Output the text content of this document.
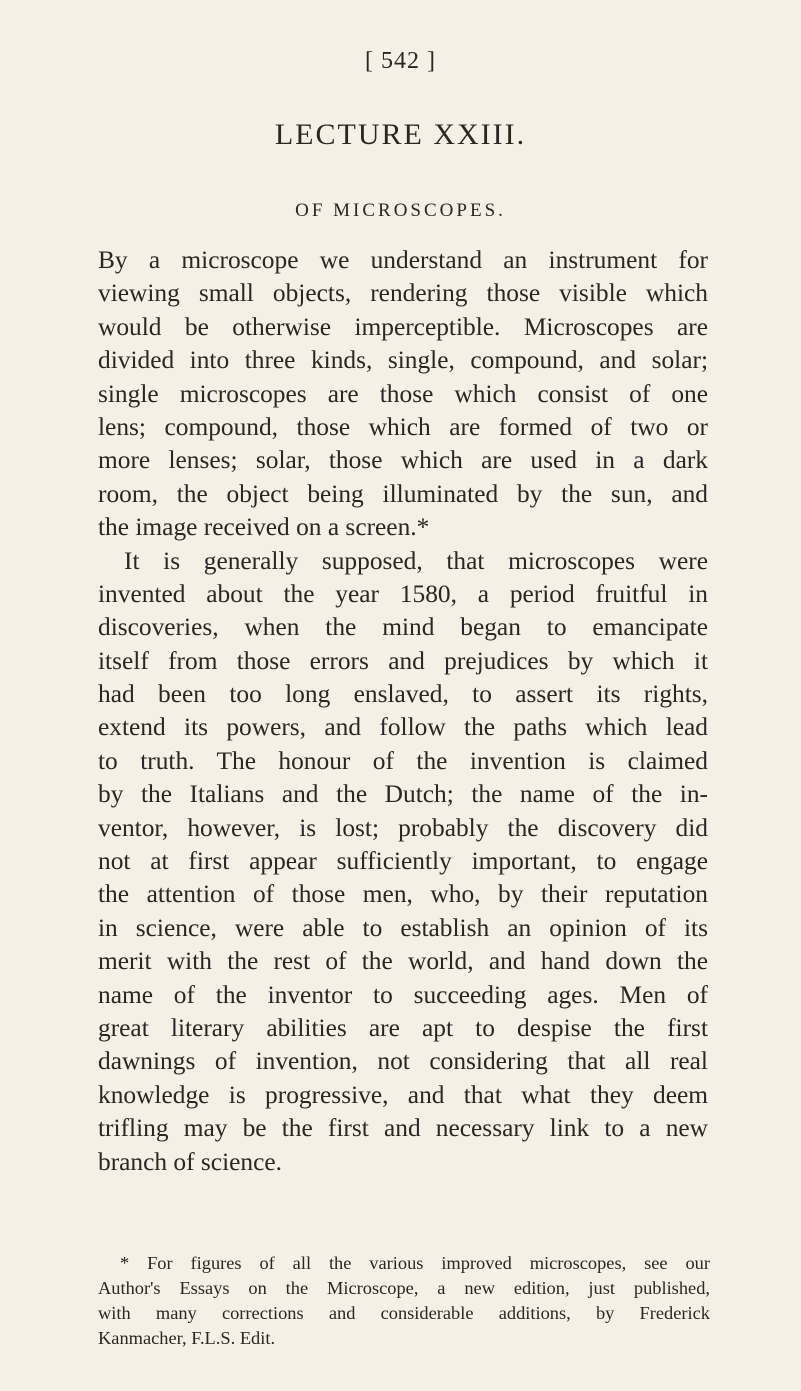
[ 542 ]
LECTURE XXIII.
OF MICROSCOPES.
By a microscope we understand an instrument for
viewing small objects, rendering those visible which
would be otherwise imperceptible. Microscopes are
divided into three kinds, single, compound, and solar;
single microscopes are those which consist of one
lens; compound, those which are formed of two or
more lenses; solar, those which are used in a dark
room, the object being illuminated by the sun, and
the image received on a screen.*
It is generally supposed, that microscopes were
invented about the year 1580, a period fruitful in
discoveries, when the mind began to emancipate
itself from those errors and prejudices by which it
had been too long enslaved, to assert its rights,
extend its powers, and follow the paths which lead
to truth. The honour of the invention is claimed
by the Italians and the Dutch; the name of the in-
ventor, however, is lost; probably the discovery did
not at first appear sufficiently important, to engage
the attention of those men, who, by their reputation
in science, were able to establish an opinion of its
merit with the rest of the world, and hand down the
name of the inventor to succeeding ages. Men of
great literary abilities are apt to despise the first
dawnings of invention, not considering that all real
knowledge is progressive, and that what they deem
trifling may be the first and necessary link to a new
branch of science.
* For figures of all the various improved microscopes, see our
Author's Essays on the Microscope, a new edition, just published,
with many corrections and considerable additions, by Frederick
Kanmacher, F.L.S. Edit.
